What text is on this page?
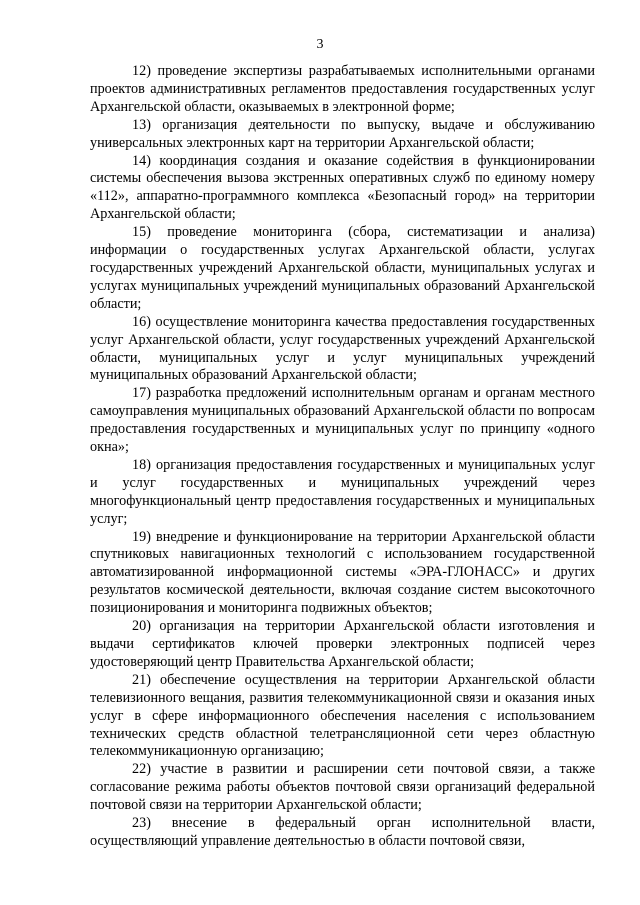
3

12) проведение экспертизы разрабатываемых исполнительными органами проектов административных регламентов предоставления государственных услуг Архангельской области, оказываемых в электронной форме;

13) организация деятельности по выпуску, выдаче и обслуживанию универсальных электронных карт на территории Архангельской области;

14) координация создания и оказание содействия в функционировании системы обеспечения вызова экстренных оперативных служб по единому номеру «112», аппаратно-программного комплекса «Безопасный город» на территории Архангельской области;

15) проведение мониторинга (сбора, систематизации и анализа) информации о государственных услугах Архангельской области, услугах государственных учреждений Архангельской области, муниципальных услугах и услугах муниципальных учреждений муниципальных образований Архангельской области;

16) осуществление мониторинга качества предоставления государственных услуг Архангельской области, услуг государственных учреждений Архангельской области, муниципальных услуг и услуг муниципальных учреждений муниципальных образований Архангельской области;

17) разработка предложений исполнительным органам и органам местного самоуправления муниципальных образований Архангельской области по вопросам предоставления государственных и муниципальных услуг по принципу «одного окна»;

18) организация предоставления государственных и муниципальных услуг и услуг государственных и муниципальных учреждений через многофункциональный центр предоставления государственных и муниципальных услуг;

19) внедрение и функционирование на территории Архангельской области спутниковых навигационных технологий с использованием государственной автоматизированной информационной системы «ЭРА-ГЛОНАСС» и других результатов космической деятельности, включая создание систем высокоточного позиционирования и мониторинга подвижных объектов;

20) организация на территории Архангельской области изготовления и выдачи сертификатов ключей проверки электронных подписей через удостоверяющий центр Правительства Архангельской области;

21) обеспечение осуществления на территории Архангельской области телевизионного вещания, развития телекоммуникационной связи и оказания иных услуг в сфере информационного обеспечения населения с использованием технических средств областной телетрансляционной сети через областную телекоммуникационную организацию;

22) участие в развитии и расширении сети почтовой связи, а также согласование режима работы объектов почтовой связи организаций федеральной почтовой связи на территории Архангельской области;

23) внесение в федеральный орган исполнительной власти, осуществляющий управление деятельностью в области почтовой связи,
